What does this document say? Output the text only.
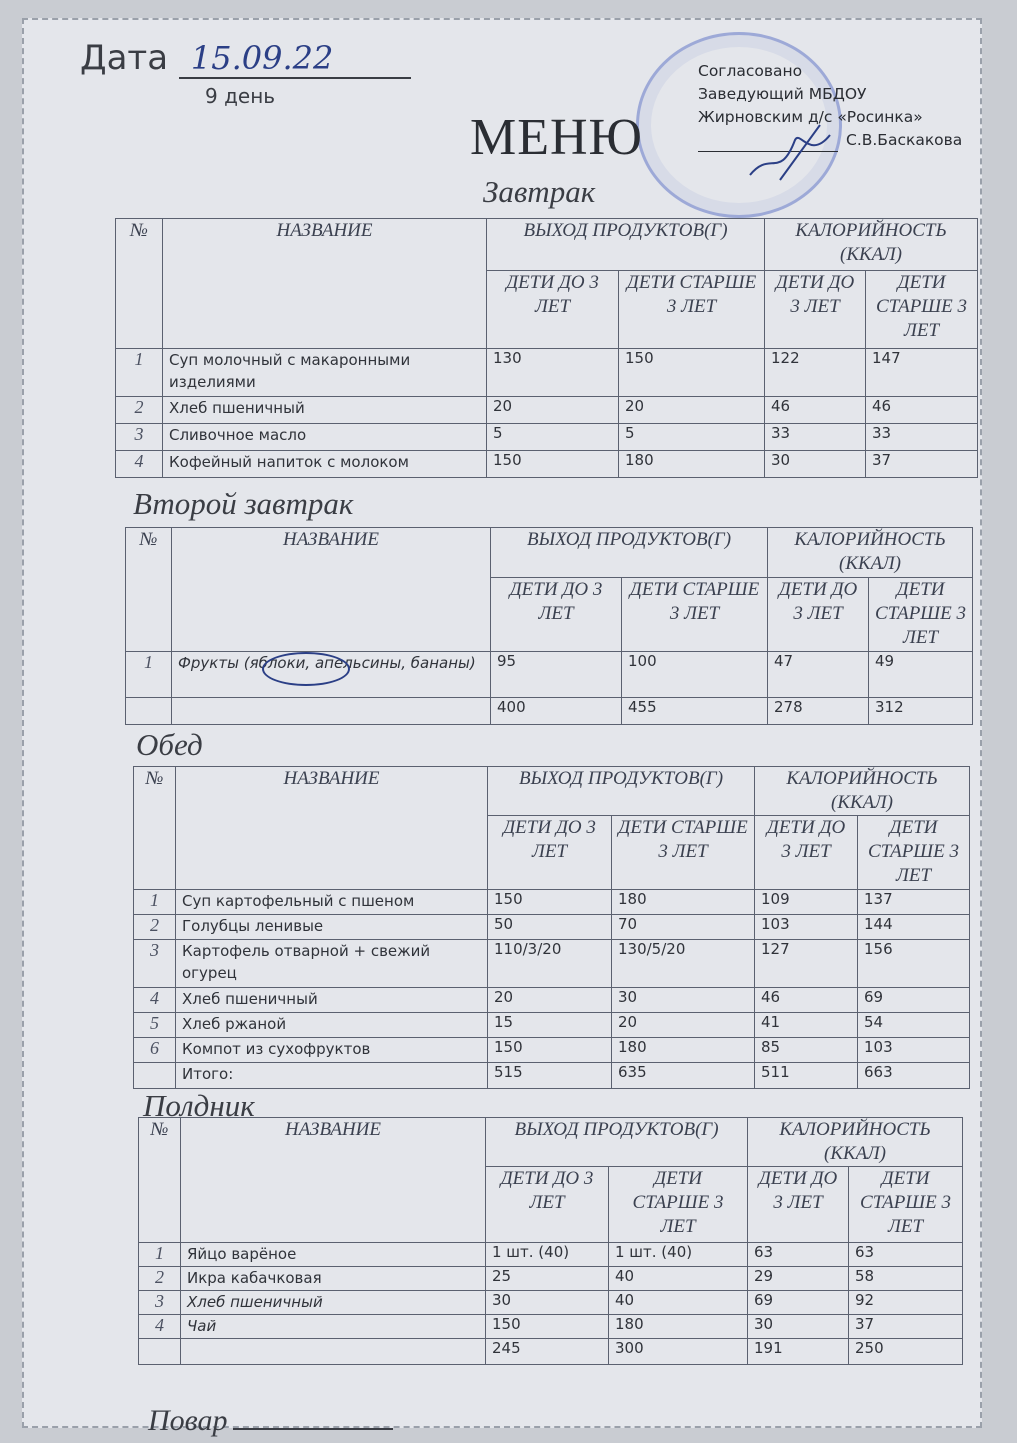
Дата 15.09.22
9 день
МЕНЮ
Согласовано
Заведующий МБДОУ
Жирновским д/с «Росинка»
С.В.Баскакова
Завтрак
Второй завтрак
Обед
Полдник
№	НАЗВАНИЕ	ВЫХОД ПРОДУКТОВ(Г)		КАЛОРИЙНОСТЬ (ККАЛ)	
		ДЕТИ ДО 3 ЛЕТ	ДЕТИ СТАРШЕ 3 ЛЕТ	ДЕТИ ДО 3 ЛЕТ	ДЕТИ СТАРШЕ 3 ЛЕТ
1	Суп молочный с макаронными изделиями	130	150	122	147
2	Хлеб пшеничный	20	20	46	46
3	Сливочное масло	5	5	33	33
4	Кофейный напиток с молоком	150	180	30	37
№	НАЗВАНИЕ	ВЫХОД ПРОДУКТОВ(Г)		КАЛОРИЙНОСТЬ (ККАЛ)	
		ДЕТИ ДО 3 ЛЕТ	ДЕТИ СТАРШЕ 3 ЛЕТ	ДЕТИ ДО 3 ЛЕТ	ДЕТИ СТАРШЕ 3 ЛЕТ
1	Фрукты (яблоки, апельсины, бананы)	95	100	47	49
		400	455	278	312
№	НАЗВАНИЕ	ВЫХОД ПРОДУКТОВ(Г)		КАЛОРИЙНОСТЬ (ККАЛ)	
		ДЕТИ ДО 3 ЛЕТ	ДЕТИ СТАРШЕ 3 ЛЕТ	ДЕТИ ДО 3 ЛЕТ	ДЕТИ СТАРШЕ 3 ЛЕТ
1	Суп картофельный с пшеном	150	180	109	137
2	Голубцы ленивые	50	70	103	144
3	Картофель отварной + свежий огурец	110/3/20	130/5/20	127	156
4	Хлеб пшеничный	20	30	46	69
5	Хлеб ржаной	15	20	41	54
6	Компот из сухофруктов	150	180	85	103
	Итого:	515	635	511	663
№	НАЗВАНИЕ	ВЫХОД ПРОДУКТОВ(Г)		КАЛОРИЙНОСТЬ (ККАЛ)	
		ДЕТИ ДО 3 ЛЕТ	ДЕТИ СТАРШЕ 3 ЛЕТ	ДЕТИ ДО 3 ЛЕТ	ДЕТИ СТАРШЕ 3 ЛЕТ
1	Яйцо варёное	1 шт. (40)	1 шт. (40)	63	63
2	Икра кабачковая	25	40	29	58
3	Хлеб пшеничный	30	40	69	92
4	Чай	150	180	30	37
		245	300	191	250
Повар
